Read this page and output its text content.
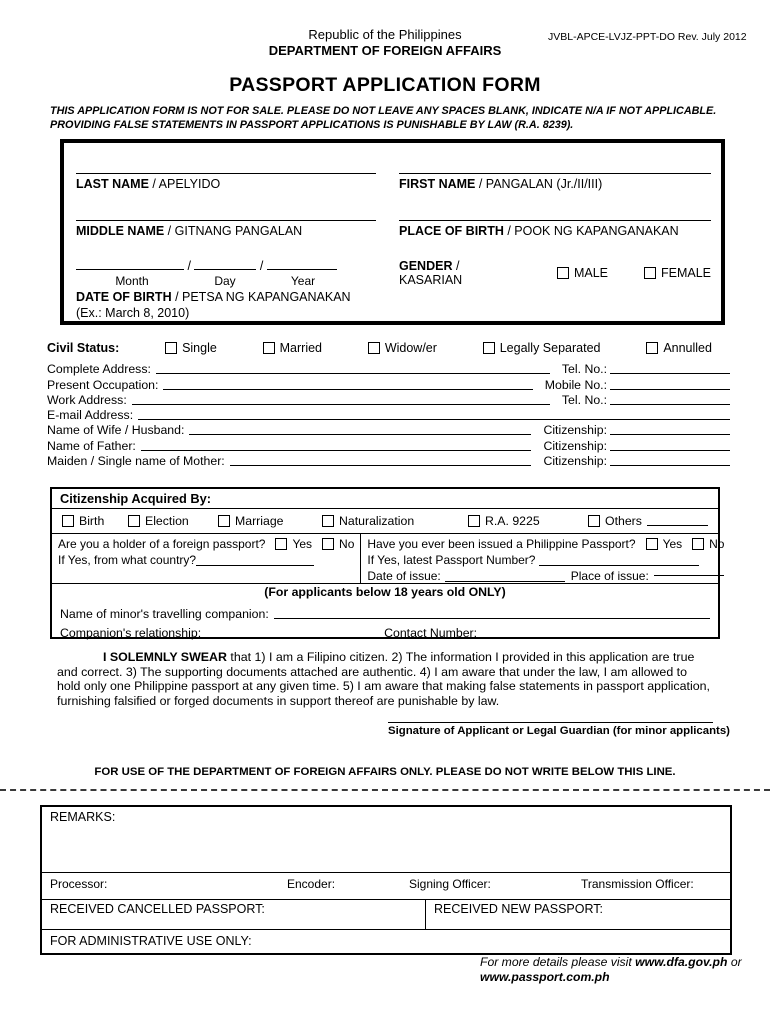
Republic of the Philippines
DEPARTMENT OF FOREIGN AFFAIRS
JVBL-APCE-LVJZ-PPT-DO Rev. July 2012
PASSPORT APPLICATION FORM
THIS APPLICATION FORM IS NOT FOR SALE. PLEASE DO NOT LEAVE ANY SPACES BLANK, INDICATE N/A IF NOT APPLICABLE. PROVIDING FALSE STATEMENTS IN PASSPORT APPLICATIONS IS PUNISHABLE BY LAW (R.A. 8239).
LAST NAME / APELYIDO	FIRST NAME / PANGALAN (Jr./II/III)
MIDDLE NAME / GITNANG PANGALAN	PLACE OF BIRTH / POOK NG KAPANGANAKAN
/	/
Month	Day	Year
DATE OF BIRTH / PETSA NG KAPANGANAKAN
(Ex.: March 8, 2010)
GENDER / KASARIAN	MALE	FEMALE
Civil Status:	Single	Married	Widow/er	Legally Separated	Annulled
Complete Address:	Tel. No.:
Present Occupation:	Mobile No.:
Work Address:	Tel. No.:
E-mail Address:
Name of Wife / Husband:	Citizenship:
Name of Father:	Citizenship:
Maiden / Single name of Mother:	Citizenship:
Citizenship Acquired By:
Birth	Election	Marriage	Naturalization	R.A. 9225	Others
Are you a holder of a foreign passport? Yes No
If Yes, from what country?
Have you ever been issued a Philippine Passport? Yes No
If Yes, latest Passport Number?
Date of issue:	Place of issue:
(For applicants below 18 years old ONLY)
Name of minor's travelling companion:
Companion's relationship:	Contact Number:

I SOLEMNLY SWEAR that 1) I am a Filipino citizen. 2) The information I provided in this application are true and correct. 3) The supporting documents attached are authentic. 4) I am aware that under the law, I am allowed to hold only one Philippine passport at any given time. 5) I am aware that making false statements in passport application, furnishing falsified or forged documents in support thereof are punishable by law.

Signature of Applicant or Legal Guardian (for minor applicants)
FOR USE OF THE DEPARTMENT OF FOREIGN AFFAIRS ONLY. PLEASE DO NOT WRITE BELOW THIS LINE.
REMARKS:
Processor:	Encoder:	Signing Officer:	Transmission Officer:
RECEIVED CANCELLED PASSPORT:	RECEIVED NEW PASSPORT:
FOR ADMINISTRATIVE USE ONLY:
For more details please visit www.dfa.gov.ph or
www.passport.com.ph
